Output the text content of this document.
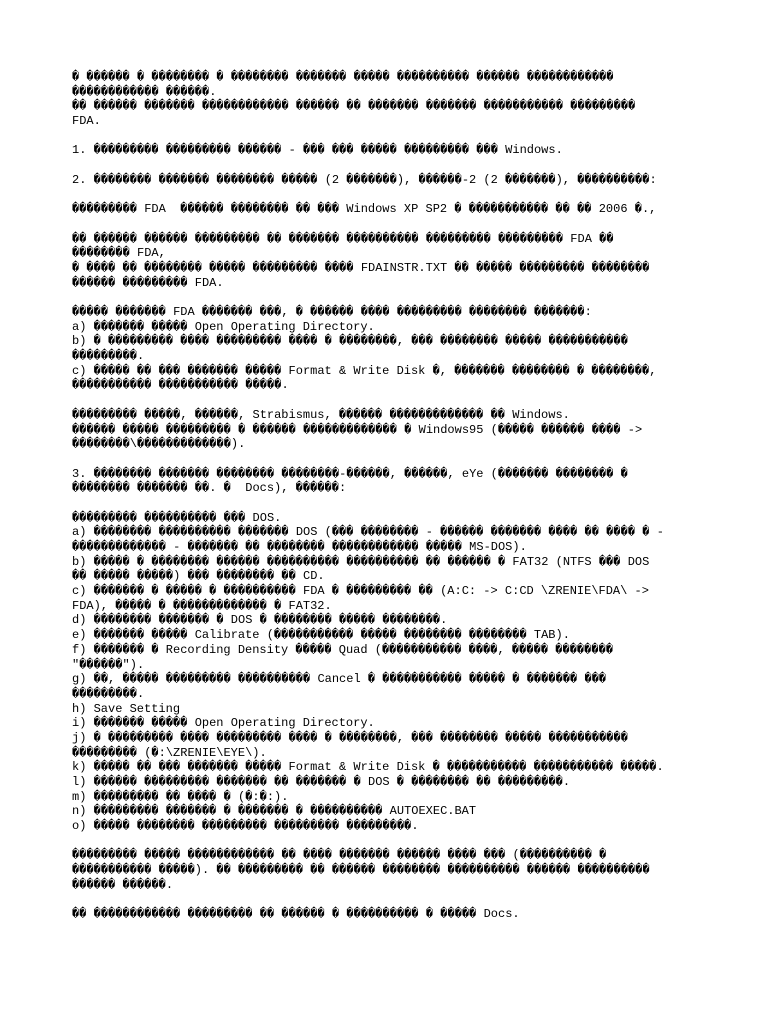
� ������ � �������� � �������� ������� ����� ���������� ������ ������������
������������ ������.
�� ������ ������� ������������ ������ �� ������� ������� ����������� ���������
FDA.
1. ��������� ��������� ������ - ��� ��� ����� ��������� ��� Windows.
2. �������� ������� �������� ����� (2 �������), ������-2 (2 �������), ����������:
��������� FDA  ������ �������� �� ��� Windows XP SP2 � ����������� �� �� 2006 �.,
�� ������ ������ ��������� �� ������� ���������� ��������� ��������� FDA ��
�������� FDA,
� ���� �� �������� ����� ��������� ���� FDAINSTR.TXT �� ����� ��������� ��������
������ ��������� FDA.
����� ������� FDA ������� ���, � ������ ���� ��������� �������� �������:
a) ������� ����� Open Operating Directory.
b) � ��������� ���� ��������� ���� � ��������, ��� �������� ����� �����������
���������.
c) ����� �� ��� ������� ����� Format & Write Disk �, ������� �������� � ��������,
����������� ����������� �����.
��������� �����, ������, Strabismus, ������ ������������� �� Windows.
������ ����� ��������� � ������ ������������� � Windows95 (����� ������ ���� ->
��������\�������������).
3. �������� ������� �������� ��������-������, ������, eYe (������� �������� �
�������� ������� ��. �  Docs), ������:
��������� ���������� ��� DOS.
a) �������� ���������� ������� DOS (��� �������� - ������ ������� ���� �� ���� � -
������������� - ������� �� �������� ������������ ����� MS-DOS).
b) ����� � �������� ������ ���������� ���������� �� ������ � FAT32 (NTFS ��� DOS
�� ����� �����) ��� �������� �� CD.
c) ������� � ����� � ���������� FDA � ��������� �� (A:C: -> C:CD \ZRENIE\FDA\ ->
FDA), ����� � ������������� � FAT32.
d) �������� ������� � DOS � �������� ����� ��������.
e) ������� ����� Calibrate (����������� ����� �������� �������� TAB).
f) ������� � Recording Density ����� Quad (����������� ����, ����� ��������
"������").
g) ��, ����� ��������� ���������� Cancel � ����������� ����� � ������� ���
���������.
h) Save Setting
i) ������� ����� Open Operating Directory.
j) � ��������� ���� ��������� ���� � ��������, ��� �������� ����� �����������
��������� (�:\ZRENIE\EYE\).
k) ����� �� ��� ������� ����� Format & Write Disk � ����������� ����������� �����.
l) ������ ��������� ������� �� ������� � DOS � �������� �� ���������.
m) ��������� �� ���� � (�:�:).
n) ��������� ������� � ������� � ���������� AUTOEXEC.BAT
o) ����� �������� ��������� ��������� ���������.
��������� ����� ������������ �� ���� ������� ������ ���� ��� (���������� �
����������� �����). �� ��������� �� ������ �������� ���������� ������ ����������
������ ������.
�� ������������ ��������� �� ������ � ���������� � ����� Docs.
